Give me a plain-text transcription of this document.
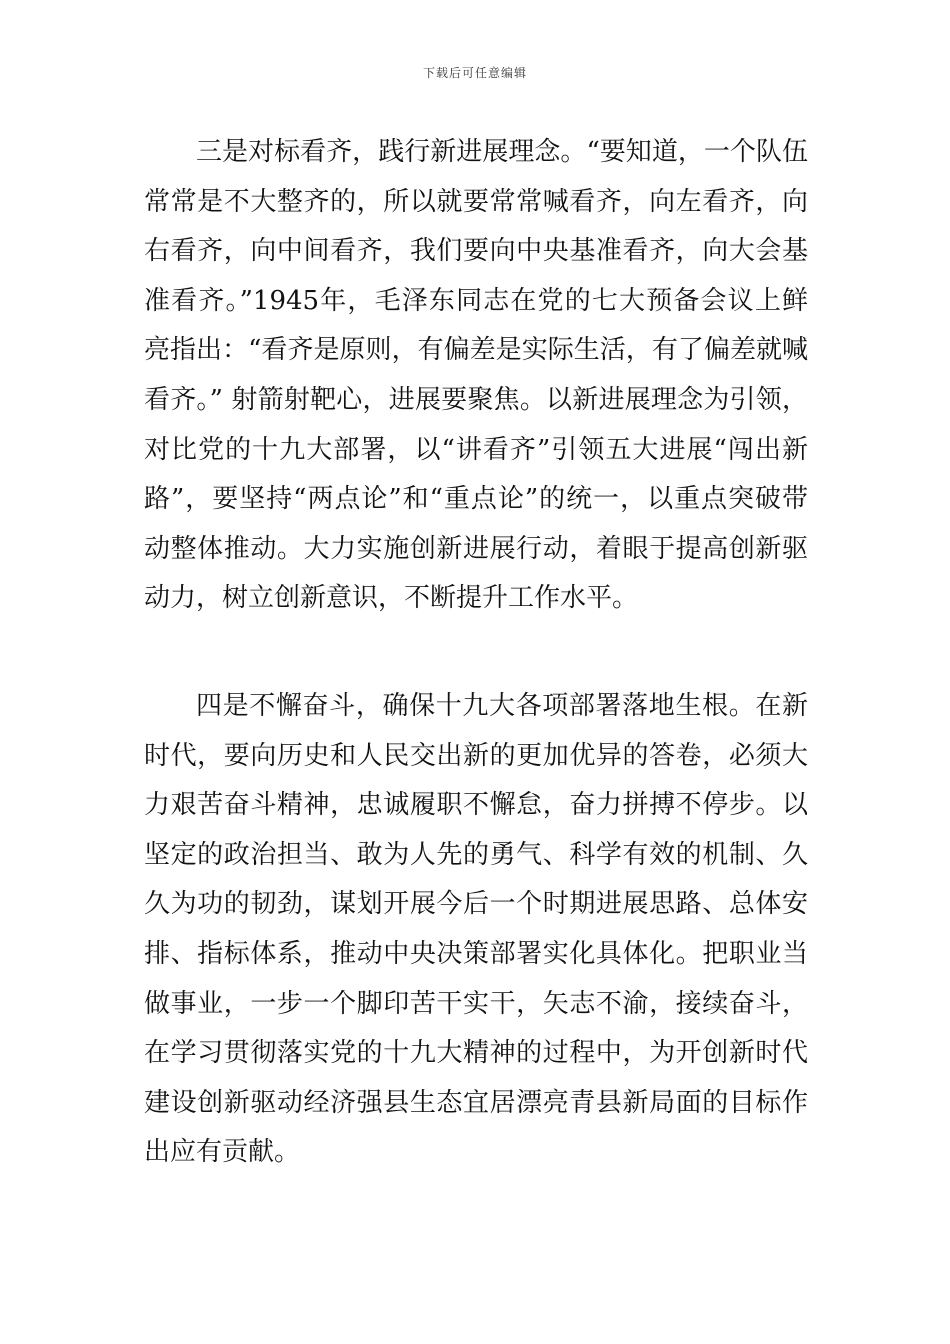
下载后可任意编辑

三是对标看齐，践行新进展理念。“要知道，一个队伍常常是不大整齐的，所以就要常常喊看齐，向左看齐，向右看齐，向中间看齐，我们要向中央基准看齐，向大会基准看齐。”1945年，毛泽东同志在党的七大预备会议上鲜亮指出：“看齐是原则，有偏差是实际生活，有了偏差就喊看齐。” 射箭射靶心，进展要聚焦。以新进展理念为引领，对比党的十九大部署，以“讲看齐”引领五大进展“闯出新路”，要坚持“两点论”和“重点论”的统一，以重点突破带动整体推动。大力实施创新进展行动，着眼于提高创新驱动力，树立创新意识，不断提升工作水平。

四是不懈奋斗，确保十九大各项部署落地生根。在新时代，要向历史和人民交出新的更加优异的答卷，必须大力艰苦奋斗精神，忠诚履职不懈怠，奋力拼搏不停步。以坚定的政治担当、敢为人先的勇气、科学有效的机制、久久为功的韧劲，谋划开展今后一个时期进展思路、总体安排、指标体系，推动中央决策部署实化具体化。把职业当做事业，一步一个脚印苦干实干，矢志不渝，接续奋斗，在学习贯彻落实党的十九大精神的过程中，为开创新时代建设创新驱动经济强县生态宜居漂亮青县新局面的目标作出应有贡献。
